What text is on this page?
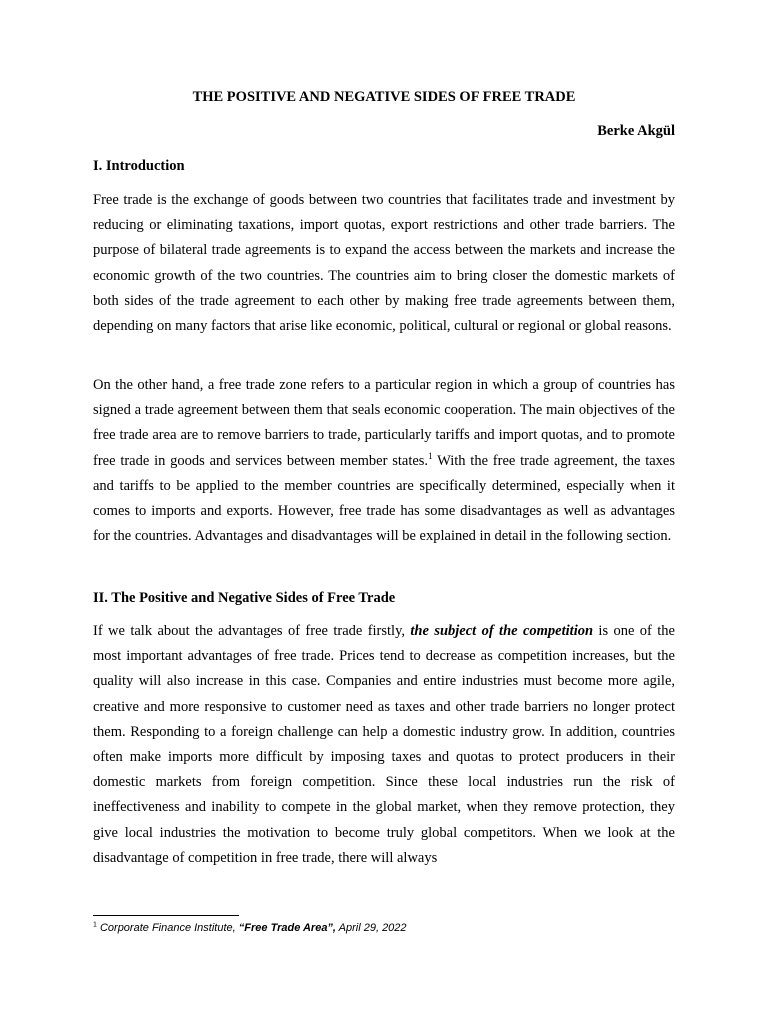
THE POSITIVE AND NEGATIVE SIDES OF FREE TRADE
Berke Akgül
I. Introduction

Free trade is the exchange of goods between two countries that facilitates trade and investment by reducing or eliminating taxations, import quotas, export restrictions and other trade barriers. The purpose of bilateral trade agreements is to expand the access between the markets and increase the economic growth of the two countries. The countries aim to bring closer the domestic markets of both sides of the trade agreement to each other by making free trade agreements between them, depending on many factors that arise like economic, political, cultural or regional or global reasons.

On the other hand, a free trade zone refers to a particular region in which a group of countries has signed a trade agreement between them that seals economic cooperation. The main objectives of the free trade area are to remove barriers to trade, particularly tariffs and import quotas, and to promote free trade in goods and services between member states.$^1$ With the free trade agreement, the taxes and tariffs to be applied to the member countries are specifically determined, especially when it comes to imports and exports. However, free trade has some disadvantages as well as advantages for the countries. Advantages and disadvantages will be explained in detail in the following section.

II. The Positive and Negative Sides of Free Trade

If we talk about the advantages of free trade firstly, the subject of the competition is one of the most important advantages of free trade. Prices tend to decrease as competition increases, but the quality will also increase in this case. Companies and entire industries must become more agile, creative and more responsive to customer need as taxes and other trade barriers no longer protect them. Responding to a foreign challenge can help a domestic industry grow. In addition, countries often make imports more difficult by imposing taxes and quotas to protect producers in their domestic markets from foreign competition. Since these local industries run the risk of ineffectiveness and inability to compete in the global market, when they remove protection, they give local industries the motivation to become truly global competitors. When we look at the disadvantage of competition in free trade, there will always

$^1$ Corporate Finance Institute, “Free Trade Area”, April 29, 2022
